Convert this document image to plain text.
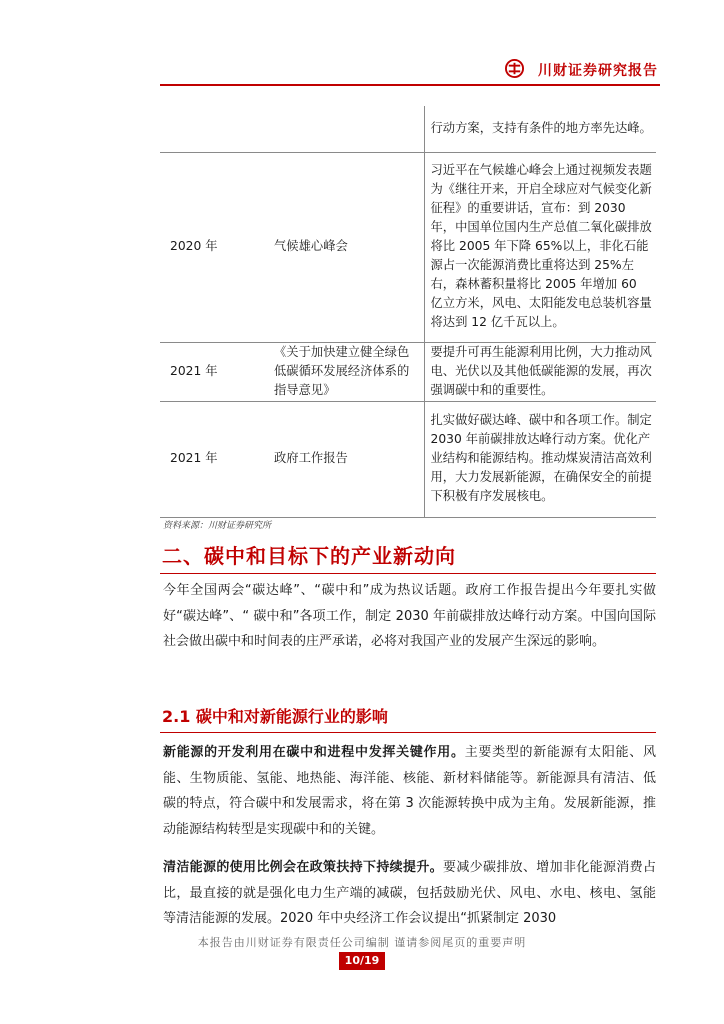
川财证券研究报告

		行动方案，支持有条件的地方率先达峰。

2020 年	气候雄心峰会	习近平在气候雄心峰会上通过视频发表题为《继往开来，开启全球应对气候变化新征程》的重要讲话，宣布：到 2030 年，中国单位国内生产总值二氧化碳排放将比 2005 年下降 65%以上，非化石能源占一次能源消费比重将达到 25%左右，森林蓄积量将比 2005 年增加 60 亿立方米，风电、太阳能发电总装机容量将达到 12 亿千瓦以上。

2021 年	《关于加快建立健全绿色低碳循环发展经济体系的指导意见》	要提升可再生能源利用比例，大力推动风电、光伏以及其他低碳能源的发展，再次强调碳中和的重要性。

2021 年	政府工作报告	扎实做好碳达峰、碳中和各项工作。制定 2030 年前碳排放达峰行动方案。优化产业结构和能源结构。推动煤炭清洁高效利用，大力发展新能源，在确保安全的前提下积极有序发展核电。
资料来源：川财证券研究所
二、碳中和目标下的产业新动向
今年全国两会“碳达峰”、“碳中和”成为热议话题。政府工作报告提出今年要扎实做好“碳达峰”、“ 碳中和”各项工作，制定 2030 年前碳排放达峰行动方案。中国向国际社会做出碳中和时间表的庄严承诺，必将对我国产业的发展产生深远的影响。
2.1 碳中和对新能源行业的影响
新能源的开发利用在碳中和进程中发挥关键作用。主要类型的新能源有太阳能、风能、生物质能、氢能、地热能、海洋能、核能、新材料储能等。新能源具有清洁、低碳的特点，符合碳中和发展需求，将在第 3 次能源转换中成为主角。发展新能源，推动能源结构转型是实现碳中和的关键。
清洁能源的使用比例会在政策扶持下持续提升。要减少碳排放、增加非化能源消费占比，最直接的就是强化电力生产端的减碳，包括鼓励光伏、风电、水电、核电、氢能等清洁能源的发展。2020 年中央经济工作会议提出“抓紧制定 2030
本报告由川财证券有限责任公司编制 谨请参阅尾页的重要声明
10/19
